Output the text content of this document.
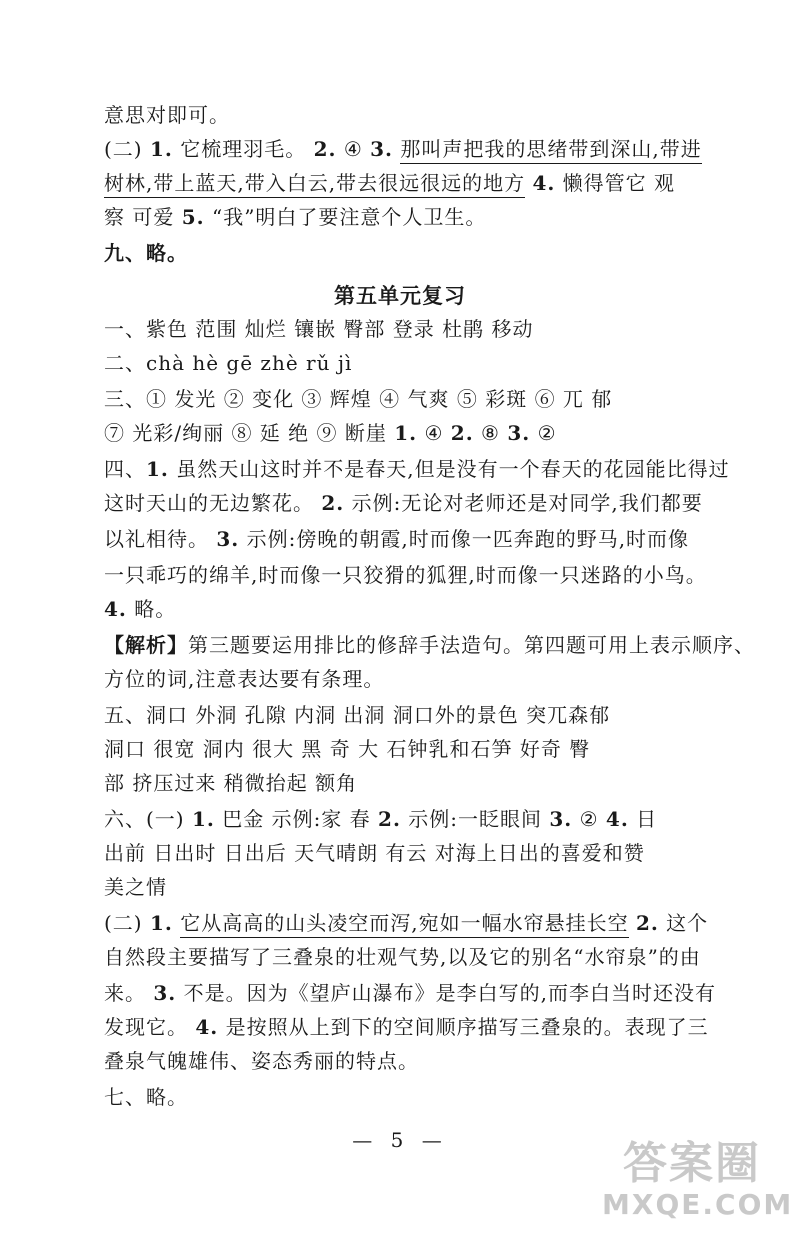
意思对即可。
(二) 1. 它梳理羽毛。 2. ④ 3. 那叫声把我的思绪带到深山,带进
树林,带上蓝天,带入白云,带去很远很远的地方 4. 懒得管它 观
察 可爱 5. “我”明白了要注意个人卫生。
九、略。
第五单元复习
一、紫色 范围 灿烂 镶嵌 臀部 登录 杜鹃 移动
二、chà hè gē zhè rǔ jì
三、① 发光 ② 变化 ③ 辉煌 ④ 气爽 ⑤ 彩斑 ⑥ 兀 郁
⑦ 光彩/绚丽 ⑧ 延 绝 ⑨ 断崖 1. ④ 2. ⑧ 3. ②
四、1. 虽然天山这时并不是春天,但是没有一个春天的花园能比得过
这时天山的无边繁花。 2. 示例:无论对老师还是对同学,我们都要
以礼相待。 3. 示例:傍晚的朝霞,时而像一匹奔跑的野马,时而像
一只乖巧的绵羊,时而像一只狡猾的狐狸,时而像一只迷路的小鸟。
4. 略。
【解析】第三题要运用排比的修辞手法造句。第四题可用上表示顺序、
方位的词,注意表达要有条理。
五、洞口 外洞 孔隙 内洞 出洞 洞口外的景色 突兀森郁
洞口 很宽 洞内 很大 黑 奇 大 石钟乳和石笋 好奇 臀
部 挤压过来 稍微抬起 额角
六、(一) 1. 巴金 示例:家 春 2. 示例:一眨眼间 3. ② 4. 日
出前 日出时 日出后 天气晴朗 有云 对海上日出的喜爱和赞
美之情
(二) 1. 它从高高的山头凌空而泻,宛如一幅水帘悬挂长空 2. 这个
自然段主要描写了三叠泉的壮观气势,以及它的别名“水帘泉”的由
来。 3. 不是。因为《望庐山瀑布》是李白写的,而李白当时还没有
发现它。 4. 是按照从上到下的空间顺序描写三叠泉的。表现了三
叠泉气魄雄伟、姿态秀丽的特点。
七、略。
— 5 —	答案圈
MXQE.COM
